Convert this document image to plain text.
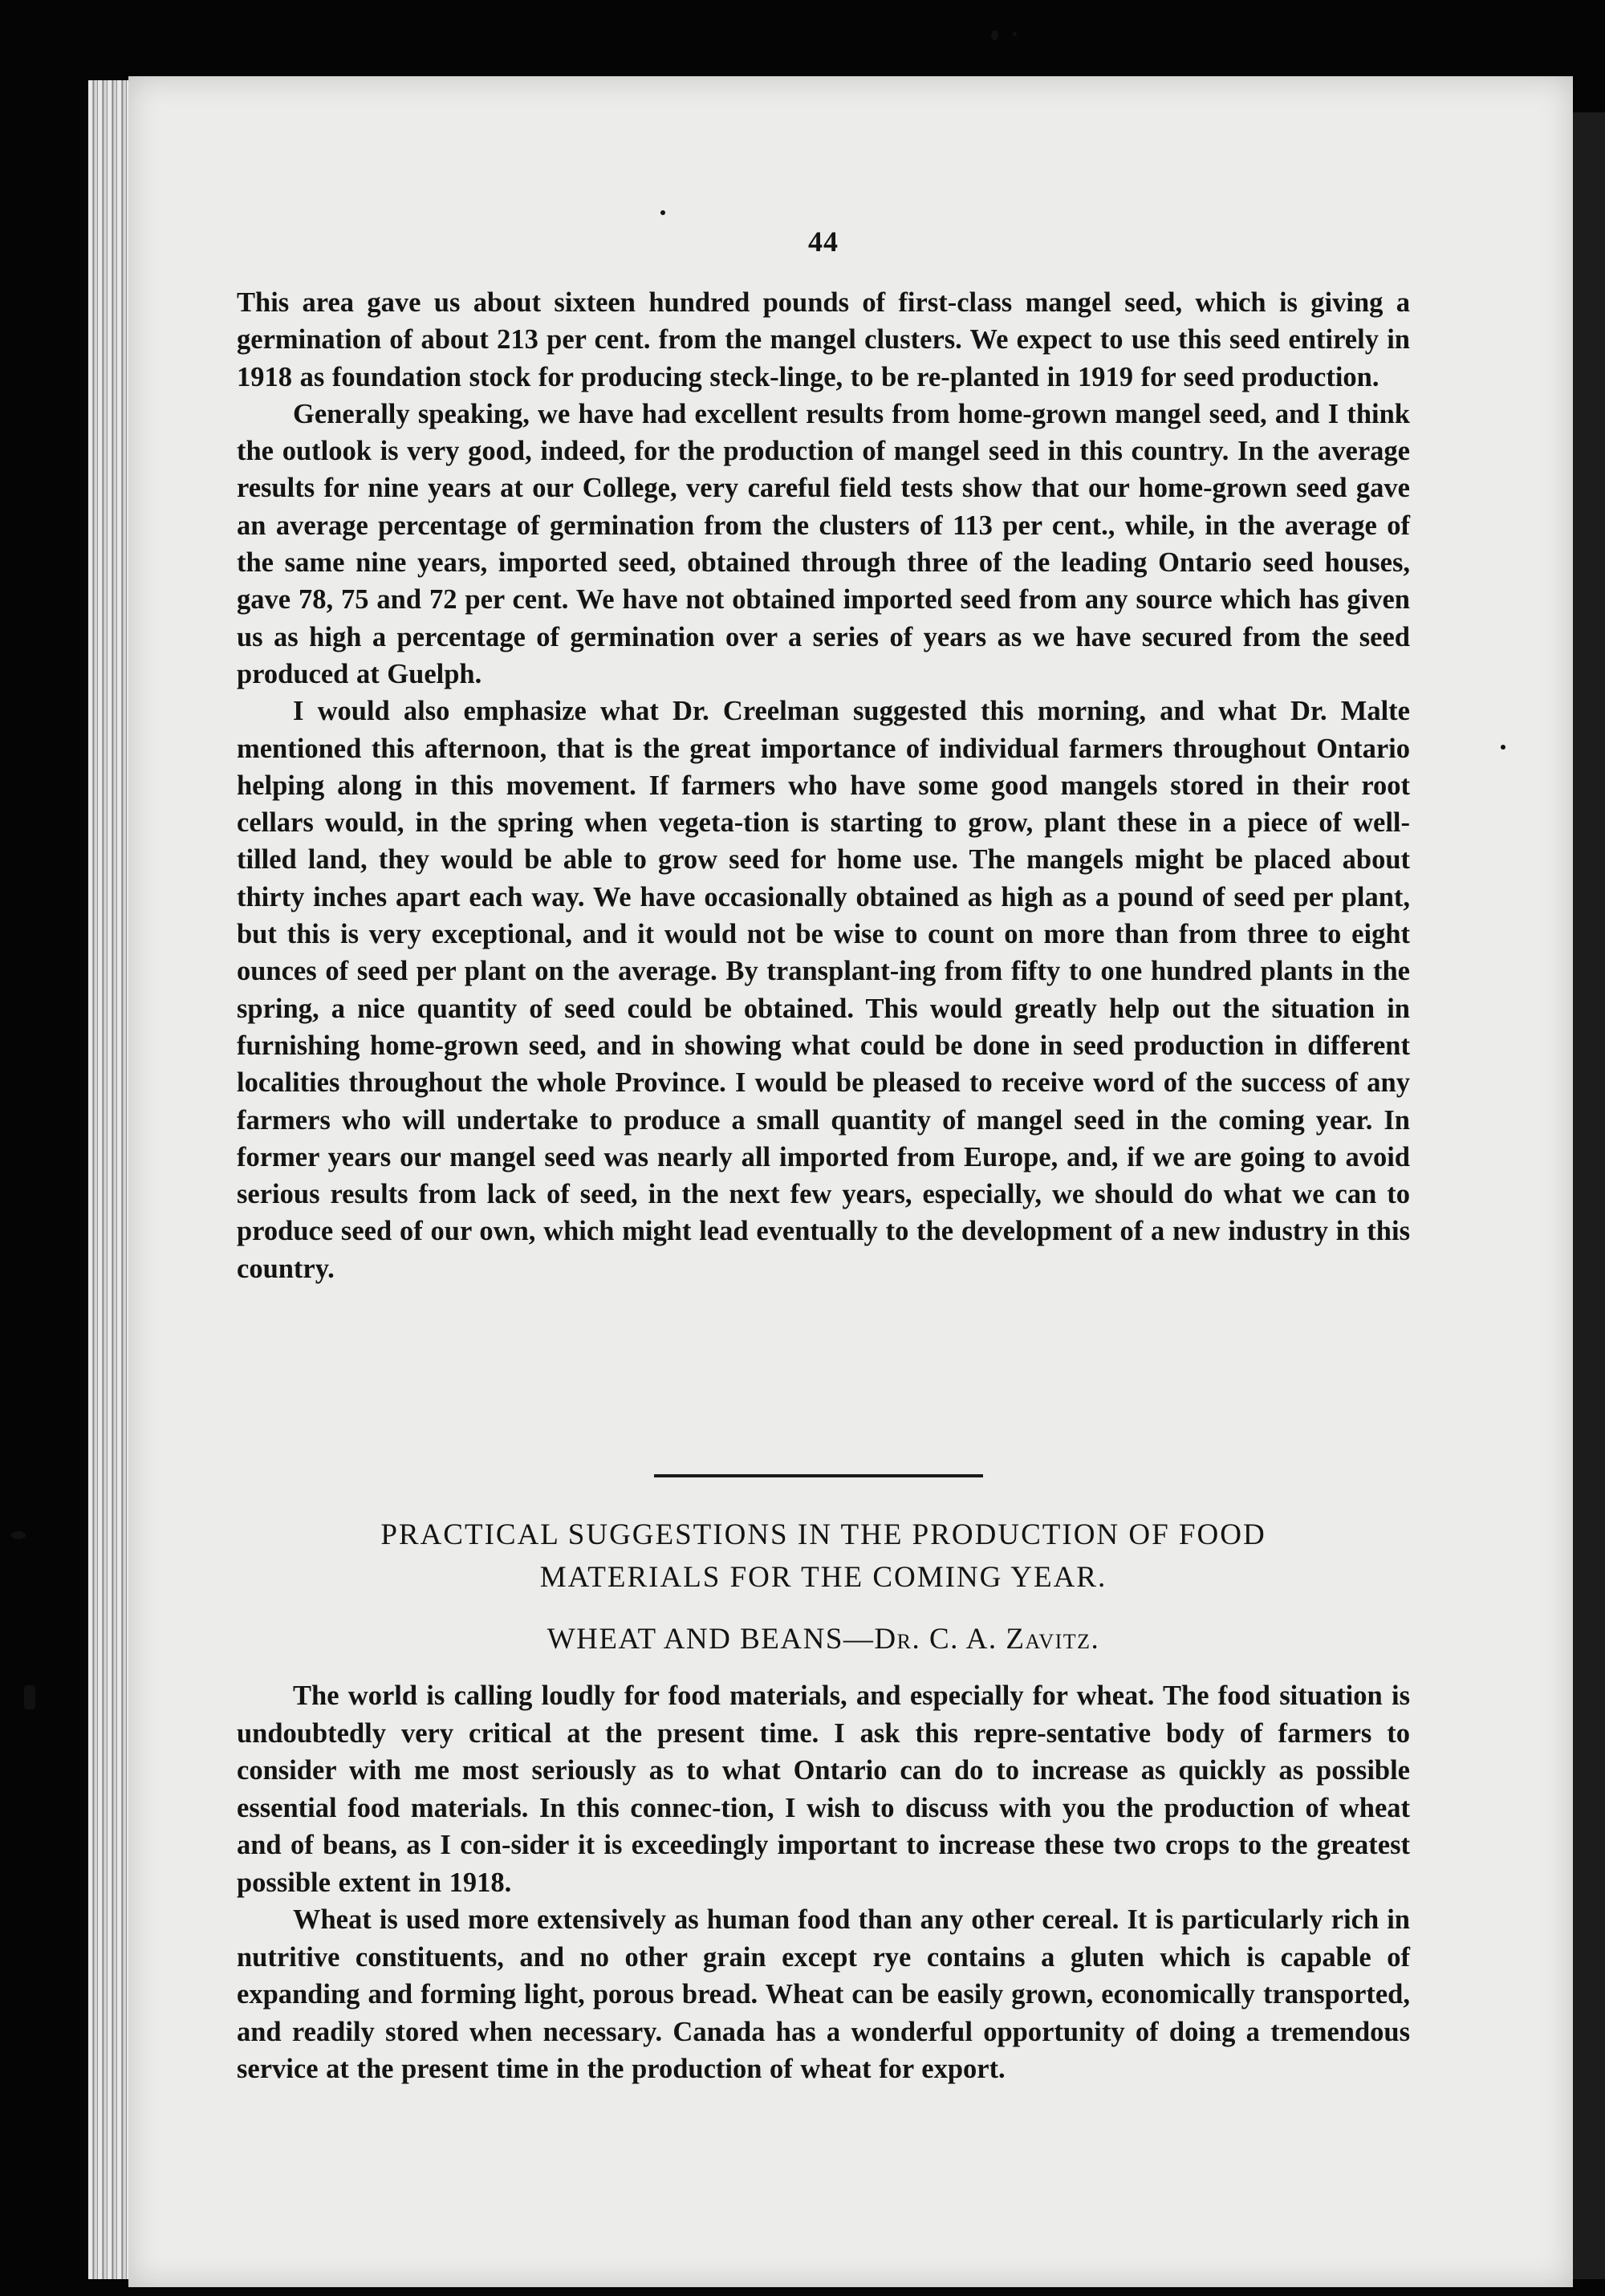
44

This area gave us about sixteen hundred pounds of first-class mangel seed, which is giving a germination of about 213 per cent. from the mangel clusters. We expect to use this seed entirely in 1918 as foundation stock for producing steck-linge, to be re-planted in 1919 for seed production.

Generally speaking, we have had excellent results from home-grown mangel seed, and I think the outlook is very good, indeed, for the production of mangel seed in this country. In the average results for nine years at our College, very careful field tests show that our home-grown seed gave an average percentage of germination from the clusters of 113 per cent., while, in the average of the same nine years, imported seed, obtained through three of the leading Ontario seed houses, gave 78, 75 and 72 per cent. We have not obtained imported seed from any source which has given us as high a percentage of germination over a series of years as we have secured from the seed produced at Guelph.

I would also emphasize what Dr. Creelman suggested this morning, and what Dr. Malte mentioned this afternoon, that is the great importance of individual farmers throughout Ontario helping along in this movement. If farmers who have some good mangels stored in their root cellars would, in the spring when vegeta-tion is starting to grow, plant these in a piece of well-tilled land, they would be able to grow seed for home use. The mangels might be placed about thirty inches apart each way. We have occasionally obtained as high as a pound of seed per plant, but this is very exceptional, and it would not be wise to count on more than from three to eight ounces of seed per plant on the average. By transplant-ing from fifty to one hundred plants in the spring, a nice quantity of seed could be obtained. This would greatly help out the situation in furnishing home-grown seed, and in showing what could be done in seed production in different localities throughout the whole Province. I would be pleased to receive word of the success of any farmers who will undertake to produce a small quantity of mangel seed in the coming year. In former years our mangel seed was nearly all imported from Europe, and, if we are going to avoid serious results from lack of seed, in the next few years, especially, we should do what we can to produce seed of our own, which might lead eventually to the development of a new industry in this country.

PRACTICAL SUGGESTIONS IN THE PRODUCTION OF FOOD
MATERIALS FOR THE COMING YEAR.
WHEAT AND BEANS—Dr. C. A. Zavitz.

The world is calling loudly for food materials, and especially for wheat. The food situation is undoubtedly very critical at the present time. I ask this repre-sentative body of farmers to consider with me most seriously as to what Ontario can do to increase as quickly as possible essential food materials. In this connec-tion, I wish to discuss with you the production of wheat and of beans, as I con-sider it is exceedingly important to increase these two crops to the greatest possible extent in 1918.

Wheat is used more extensively as human food than any other cereal. It is particularly rich in nutritive constituents, and no other grain except rye contains a gluten which is capable of expanding and forming light, porous bread. Wheat can be easily grown, economically transported, and readily stored when necessary. Canada has a wonderful opportunity of doing a tremendous service at the present time in the production of wheat for export.
